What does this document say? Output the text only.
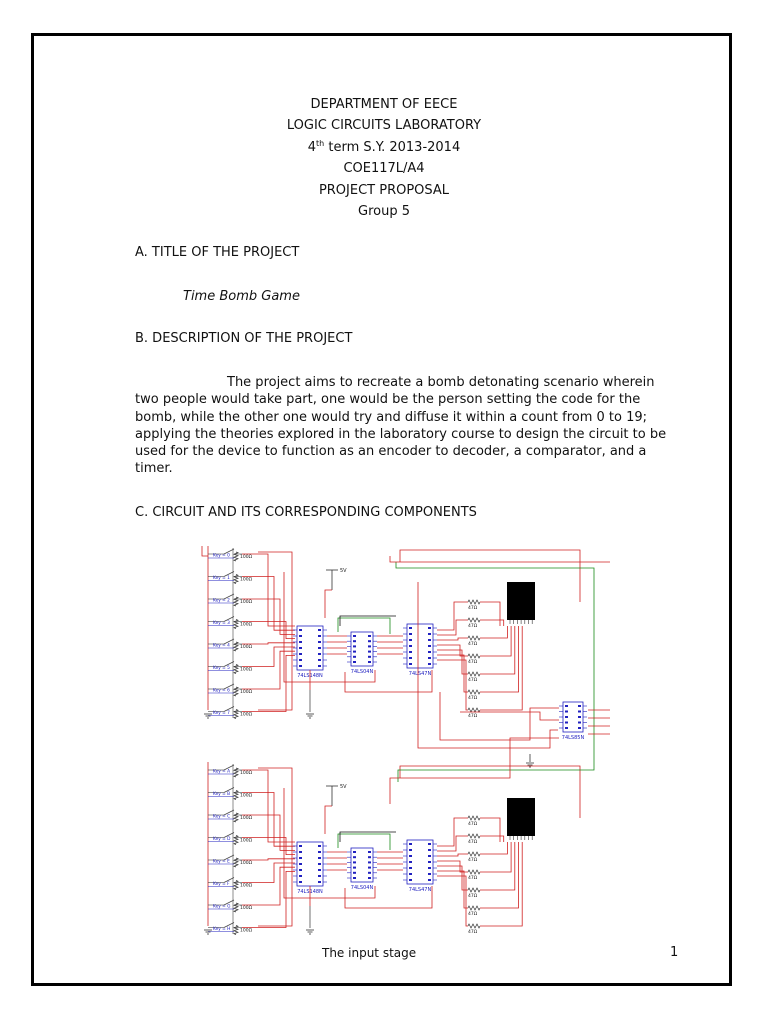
DEPARTMENT OF EECE
LOGIC CIRCUITS LABORATORY
4th term S.Y. 2013-2014
COE117L/A4
PROJECT PROPOSAL
Group 5
A. TITLE OF THE PROJECT
Time Bomb Game
B. DESCRIPTION OF THE PROJECT
The project aims to recreate a bomb detonating scenario wherein
two people would take part, one would be the person setting the code for the
bomb, while the other one would try and diffuse it within a count from 0 to 19;
applying the theories explored in the laboratory course to design the circuit to be
used for the device to function as an encoder to decoder, a comparator, and a
timer.
C. CIRCUIT AND ITS CORRESPONDING COMPONENTS
Key = 0 100Ω
Key = 1 100Ω
Key = 2 100Ω
Key = 3 100Ω
Key = 4 100Ω
Key = 5 100Ω
Key = 6 100Ω
Key = 7 100Ω
5V
74LS148N
74LS04N	74LS47N
47Ω
47Ω
47Ω
47Ω
47Ω
47Ω
47Ω
Key = A 100Ω
Key = B 100Ω
Key = C 100Ω
Key = D 100Ω
Key = E 100Ω
Key = F 100Ω
Key = G 100Ω
Key = H 100Ω
5V
74LS148N
74LS04N	74LS47N
47Ω
47Ω
47Ω
47Ω
47Ω
47Ω
47Ω
74LS85N
The input stage	1
